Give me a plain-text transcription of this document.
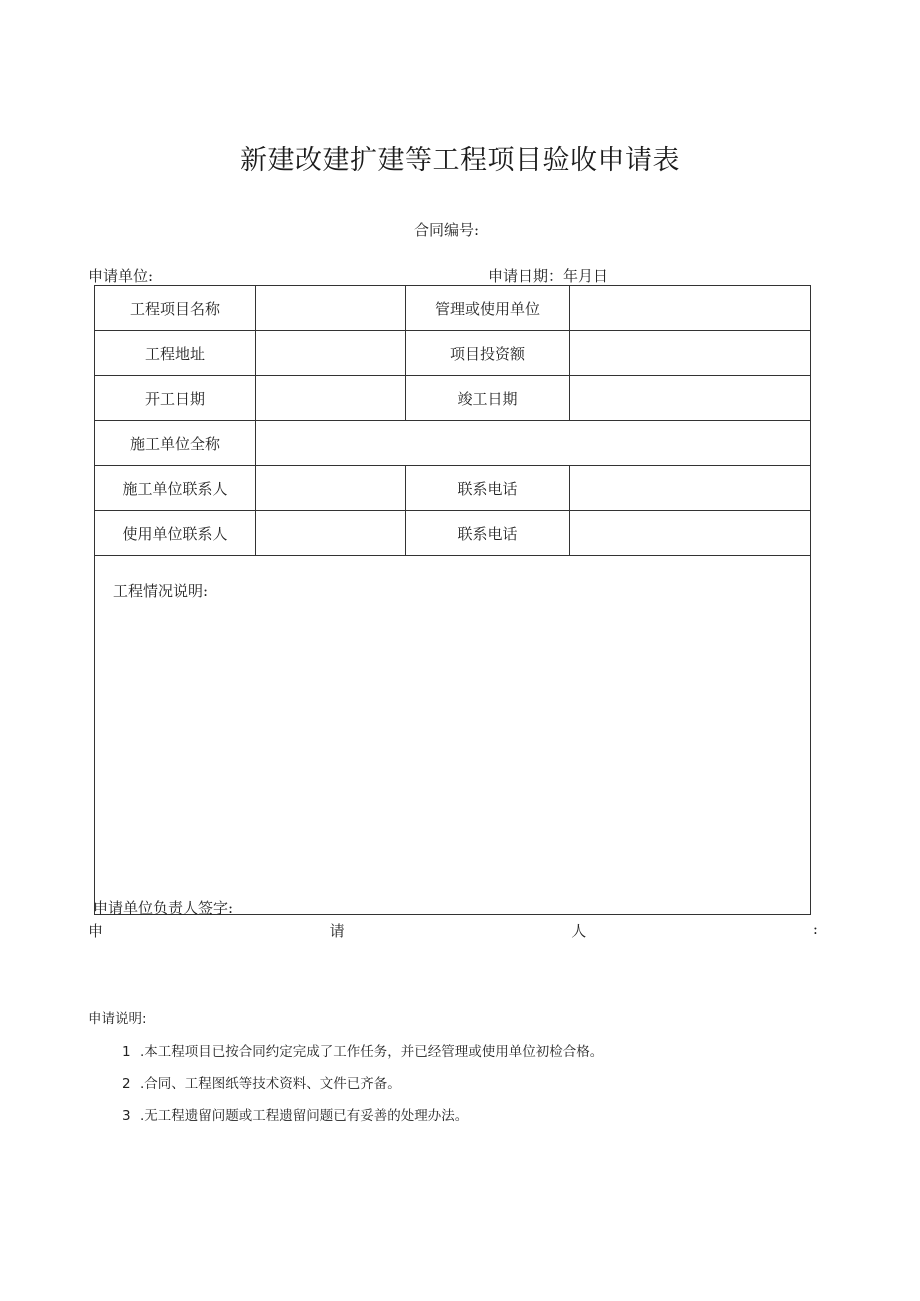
新建改建扩建等工程项目验收申请表
合同编号:
申请单位:	申请日期：年月日
工程项目名称		管理或使用单位	
工程地址		项目投资额	
开工日期		竣工日期	
施工单位全称			
施工单位联系人		联系电话	
使用单位联系人		联系电话	
工程情况说明:			
申请单位负责人签字:
申	请	人	:
申请说明:
1 .本工程项目已按合同约定完成了工作任务，并已经管理或使用单位初检合格。
2 .合同、工程图纸等技术资料、文件已齐备。
3 .无工程遗留问题或工程遗留问题已有妥善的处理办法。
